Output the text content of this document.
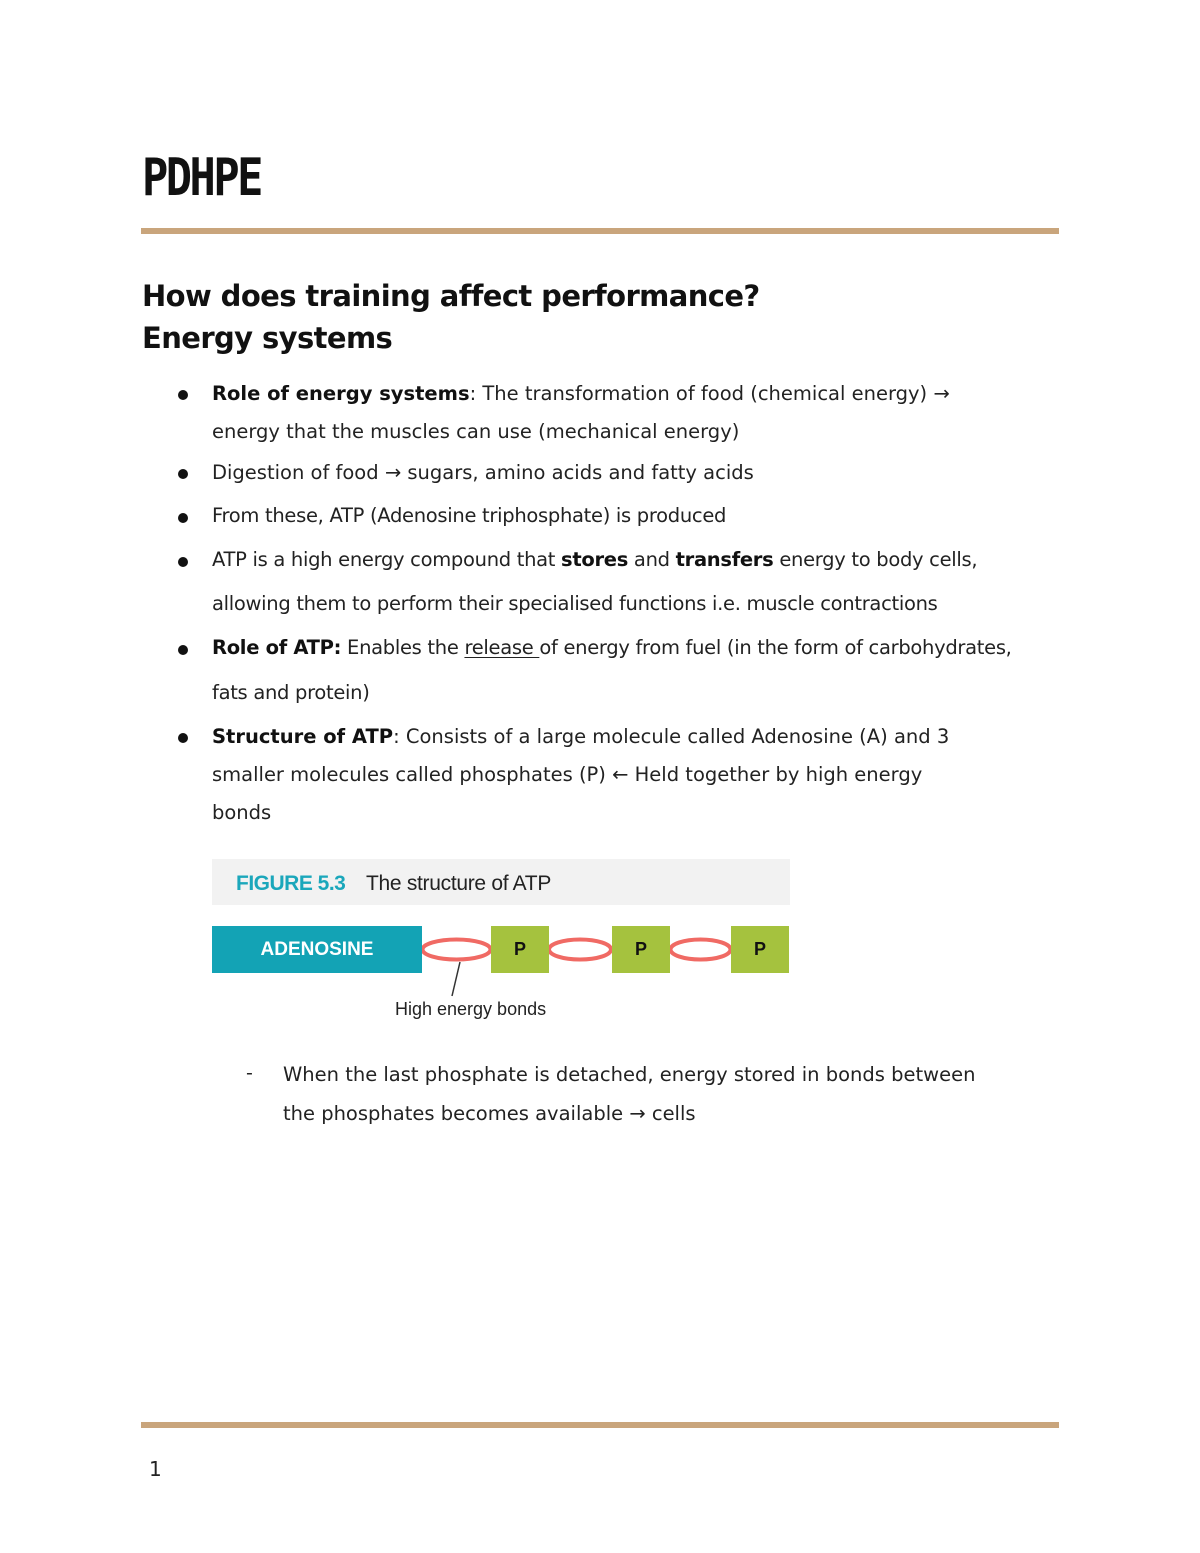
PDHPE
How does training affect performance?
Energy systems
Role of energy systems: The transformation of food (chemical energy) →
energy that the muscles can use (mechanical energy)
Digestion of food → sugars, amino acids and fatty acids
From these, ATP (Adenosine triphosphate) is produced
ATP is a high energy compound that stores and transfers energy to body cells,
allowing them to perform their specialised functions i.e. muscle contractions
Role of ATP: Enables the release of energy from fuel (in the form of carbohydrates,
fats and protein)
Structure of ATP: Consists of a large molecule called Adenosine (A) and 3
smaller molecules called phosphates (P) ← Held together by high energy
bonds
FIGURE 5.3 The structure of ATP
ADENOSINE	P	P	P
High energy bonds
- When the last phosphate is detached, energy stored in bonds between
the phosphates becomes available → cells
1
